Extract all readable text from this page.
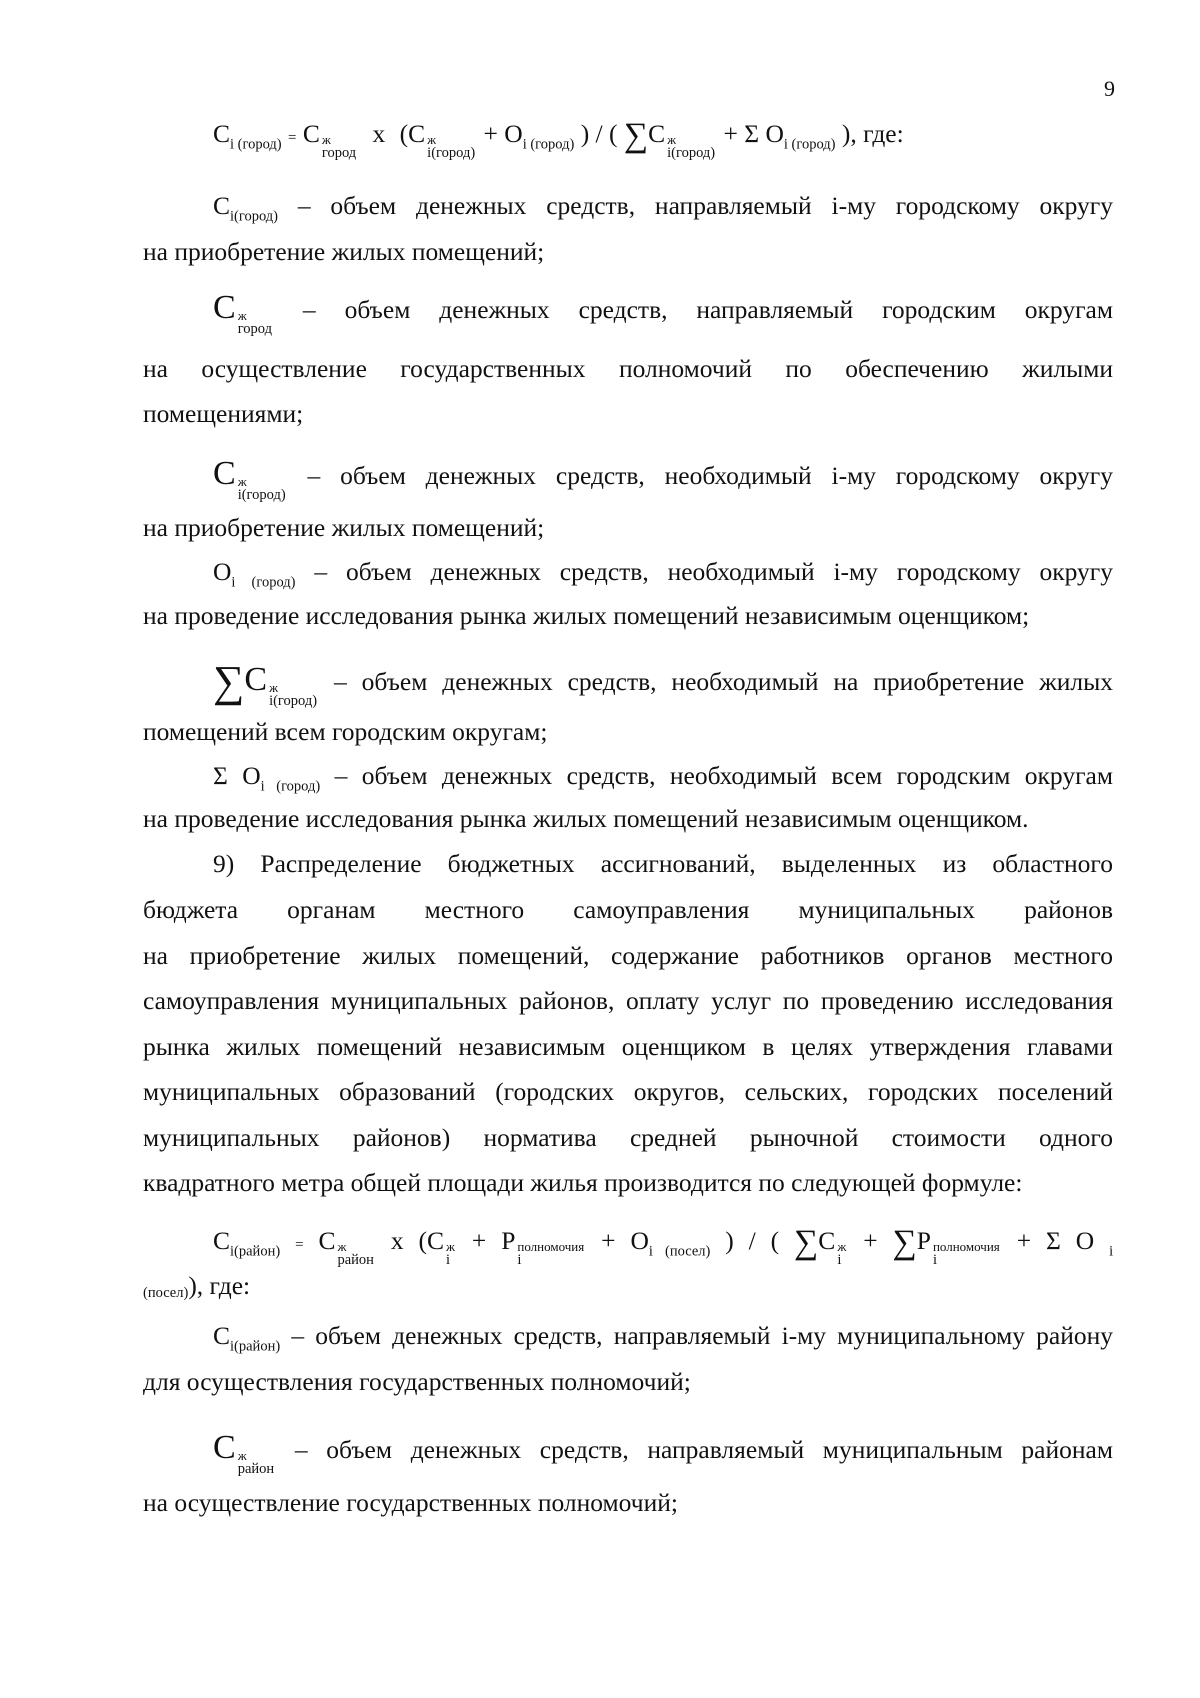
9
$С_{i (город)} = С$ ж
город
x (С ж
i(город)
+ $О_{i (город)}$ ) / ( ∑С ж
i(город)
+ Σ $О_{i (город)}$ ), где:
$С_{i(город)}$ – объем денежных средств, направляемый i-му городскому округу
на приобретение жилых помещений;
С ж
город
– объем денежных средств, направляемый городским округам
на осуществление государственных полномочий по обеспечению жилыми
помещениями;
С ж
i(город)
– объем денежных средств, необходимый i-му городскому округу
на приобретение жилых помещений;
$О_{i (город)}$ – объем денежных средств, необходимый i-му городскому округу
на проведение исследования рынка жилых помещений независимым оценщиком;
∑С ж
i(город)
– объем денежных средств, необходимый на приобретение жилых
помещений всем городским округам;
Σ $О_{i (город)}$ – объем денежных средств, необходимый всем городским округам
на проведение исследования рынка жилых помещений независимым оценщиком.
9) Распределение бюджетных ассигнований, выделенных из областного
бюджета органам местного самоуправления муниципальных районов
на приобретение жилых помещений, содержание работников органов местного
самоуправления муниципальных районов, оплату услуг по проведению исследования
рынка жилых помещений независимым оценщиком в целях утверждения главами
муниципальных образований (городских округов, сельских, городских поселений
муниципальных районов) норматива средней рыночной стоимости одного
квадратного метра общей площади жилья производится по следующей формуле:
$С_{i(район)} = С$ ж
район
x (С ж
i
+ Р полномочия
i
+ $О_{i (посел)}$ ) / ( ∑С ж
i
+ ∑Р полномочия
i
+ Σ О $_i$
(посел)), где:
$С_{i(район)}$ – объем денежных средств, направляемый i-му муниципальному району
для осуществления государственных полномочий;
С ж
район
– объем денежных средств, направляемый муниципальным районам
на осуществление государственных полномочий;
